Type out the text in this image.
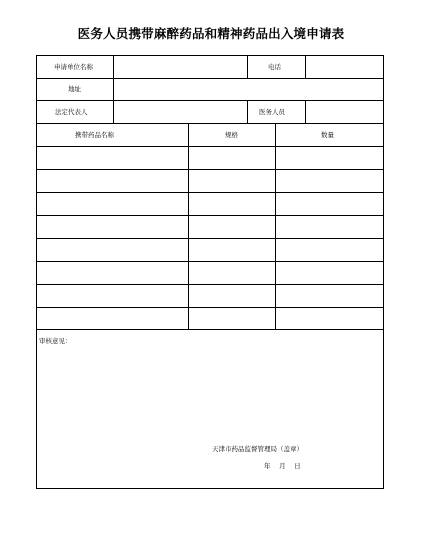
医务人员携带麻醉药品和精神药品出入境申请表
申请单位名称	电话
地址
法定代表人	医务人员
携带药品名称	规格	数量
审核意见：
天津市药品监督管理局（盖章）
年　 月　 日
